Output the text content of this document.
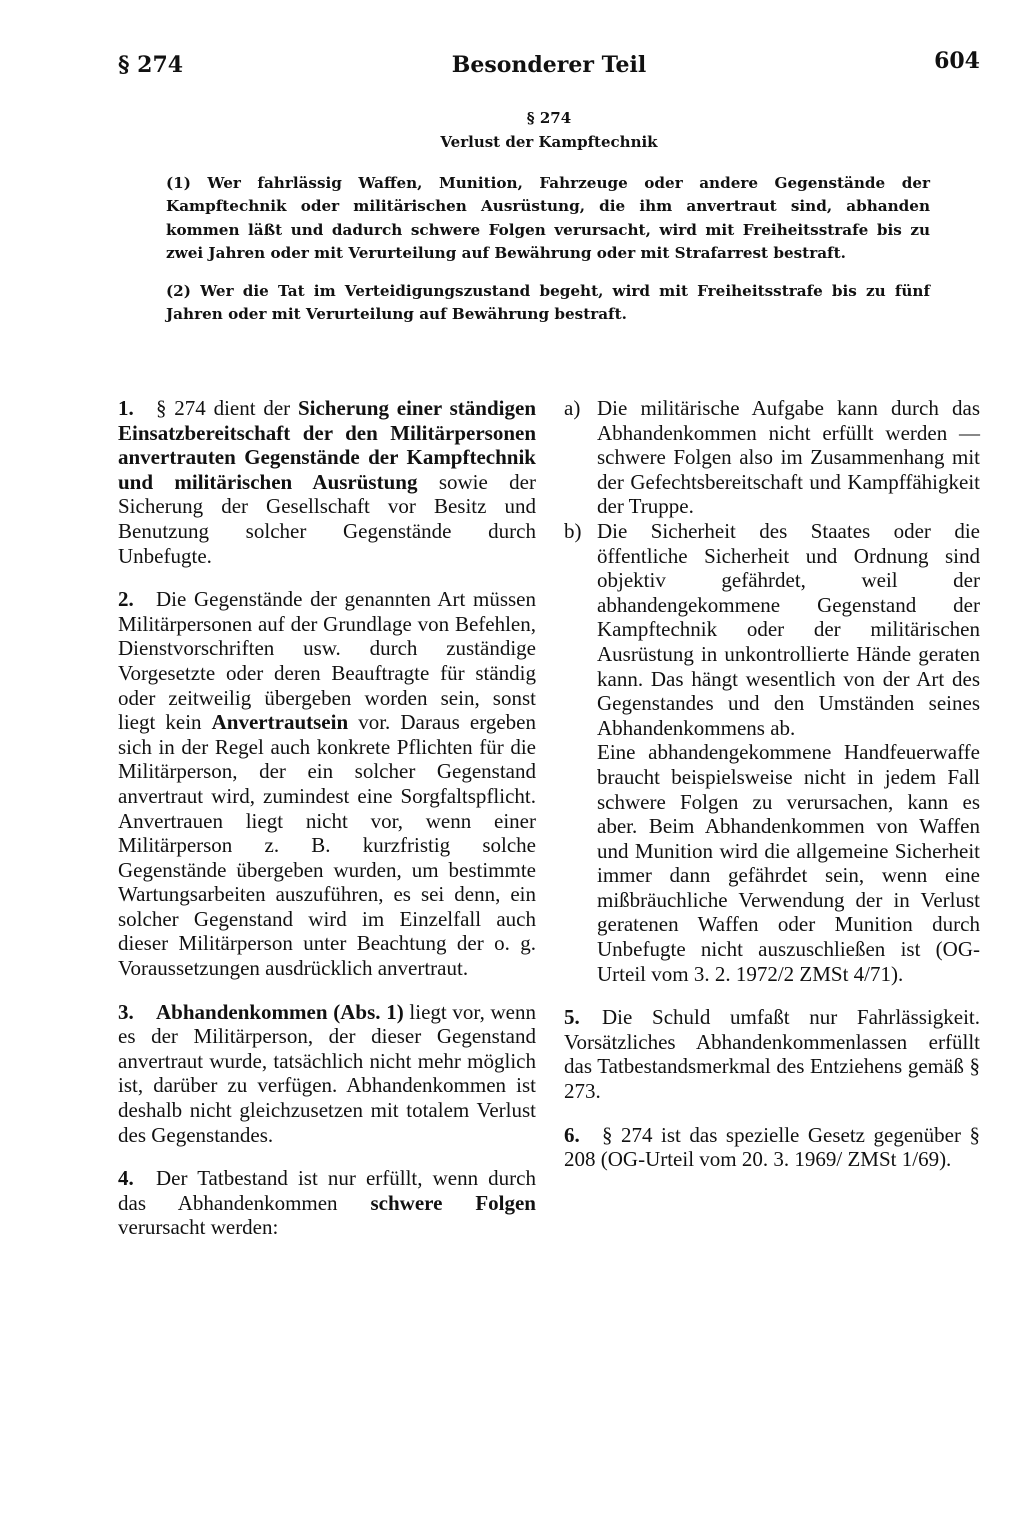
§ 274	Besonderer Teil	604
§ 274
Verlust der Kampftechnik

(1) Wer fahrlässig Waffen, Munition, Fahrzeuge oder andere Gegenstände der Kampftechnik oder militärischen Ausrüstung, die ihm anvertraut sind, abhanden kommen läßt und dadurch schwere Folgen verursacht, wird mit Freiheitsstrafe bis zu zwei Jahren oder mit Verurteilung auf Bewährung oder mit Strafarrest bestraft.

(2) Wer die Tat im Verteidigungszustand begeht, wird mit Freiheitsstrafe bis zu fünf Jahren oder mit Verurteilung auf Bewährung bestraft.

1. § 274 dient der Sicherung einer ständigen Einsatzbereitschaft der den Militärpersonen anvertrauten Gegenstände der Kampftechnik und militärischen Ausrüstung sowie der Sicherung der Gesellschaft vor Besitz und Benutzung solcher Gegenstände durch Unbefugte.

2. Die Gegenstände der genannten Art müssen Militärpersonen auf der Grundlage von Befehlen, Dienstvorschriften usw. durch zuständige Vorgesetzte oder deren Beauftragte für ständig oder zeitweilig übergeben worden sein, sonst liegt kein Anvertrautsein vor. Daraus ergeben sich in der Regel auch konkrete Pflichten für die Militärperson, der ein solcher Gegenstand anvertraut wird, zumindest eine Sorgfaltspflicht. Anvertrauen liegt nicht vor, wenn einer Militärperson z. B. kurzfristig solche Gegenstände übergeben wurden, um bestimmte Wartungsarbeiten auszuführen, es sei denn, ein solcher Gegenstand wird im Einzelfall auch dieser Militärperson unter Beachtung der o. g. Voraussetzungen ausdrücklich anvertraut.

3. Abhandenkommen (Abs. 1) liegt vor, wenn es der Militärperson, der dieser Gegenstand anvertraut wurde, tatsächlich nicht mehr möglich ist, darüber zu verfügen. Abhandenkommen ist deshalb nicht gleichzusetzen mit totalem Verlust des Gegenstandes.

4. Der Tatbestand ist nur erfüllt, wenn durch das Abhandenkommen schwere Folgen verursacht werden:

a) Die militärische Aufgabe kann durch das Abhandenkommen nicht erfüllt werden — schwere Folgen also im Zusammenhang mit der Gefechtsbereitschaft und Kampffähigkeit der Truppe.

b) Die Sicherheit des Staates oder die öffentliche Sicherheit und Ordnung sind objektiv gefährdet, weil der abhandengekommene Gegenstand der Kampftechnik oder der militärischen Ausrüstung in unkontrollierte Hände geraten kann. Das hängt wesentlich von der Art des Gegenstandes und den Umständen seines Abhandenkommens ab.

Eine abhandengekommene Handfeuerwaffe braucht beispielsweise nicht in jedem Fall schwere Folgen zu verursachen, kann es aber. Beim Abhandenkommen von Waffen und Munition wird die allgemeine Sicherheit immer dann gefährdet sein, wenn eine mißbräuchliche Verwendung der in Verlust geratenen Waffen oder Munition durch Unbefugte nicht auszuschließen ist (OG-Urteil vom 3. 2. 1972/2 ZMSt 4/71).

5. Die Schuld umfaßt nur Fahrlässigkeit. Vorsätzliches Abhandenkommenlassen erfüllt das Tatbestandsmerkmal des Entziehens gemäß § 273.

6. § 274 ist das spezielle Gesetz gegenüber § 208 (OG-Urteil vom 20. 3. 1969/ ZMSt 1/69).
